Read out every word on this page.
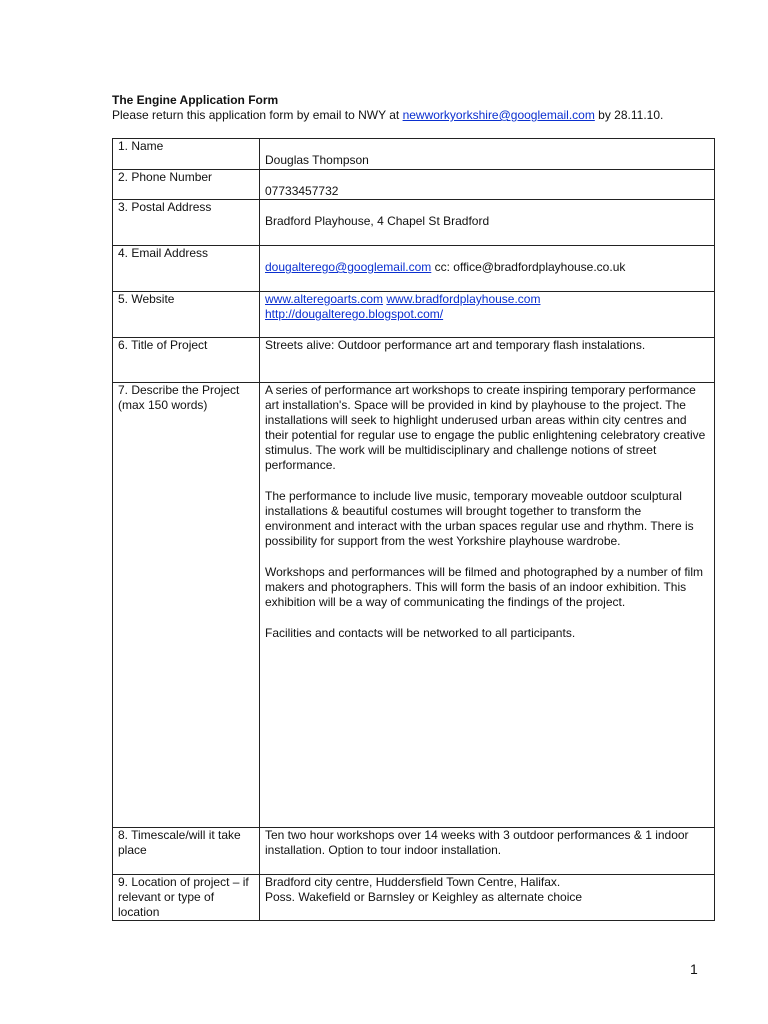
The Engine Application Form
Please return this application form by email to NWY at newworkyorkshire@googlemail.com by 28.11.10.
1. Name	Douglas Thompson
2. Phone Number	07733457732
3. Postal Address	Bradford Playhouse, 4 Chapel St Bradford
4. Email Address	dougalterego@googlemail.com cc: office@bradfordplayhouse.co.uk
5. Website	www.alteregoarts.com www.bradfordplayhouse.com
http://dougalterego.blogspot.com/
6. Title of Project	Streets alive: Outdoor performance art and temporary flash instalations.
7. Describe the Project (max 150 words)	A series of performance art workshops to create inspiring temporary performance art installation's. Space will be provided in kind by playhouse to the project. The installations will seek to highlight underused urban areas within city centres and their potential for regular use to engage the public enlightening celebratory creative stimulus. The work will be multidisciplinary and challenge notions of street performance.

The performance to include live music, temporary moveable outdoor sculptural installations & beautiful costumes will brought together to transform the environment and interact with the urban spaces regular use and rhythm. There is possibility for support from the west Yorkshire playhouse wardrobe.

Workshops and performances will be filmed and photographed by a number of film makers and photographers. This will form the basis of an indoor exhibition. This exhibition will be a way of communicating the findings of the project.

Facilities and contacts will be networked to all participants.

8. Timescale/will it take place	Ten two hour workshops over 14 weeks with 3 outdoor performances & 1 indoor installation. Option to tour indoor installation.
9. Location of project – if relevant or type of location	Bradford city centre, Huddersfield Town Centre, Halifax.
Poss. Wakefield or Barnsley or Keighley as alternate choice
1
